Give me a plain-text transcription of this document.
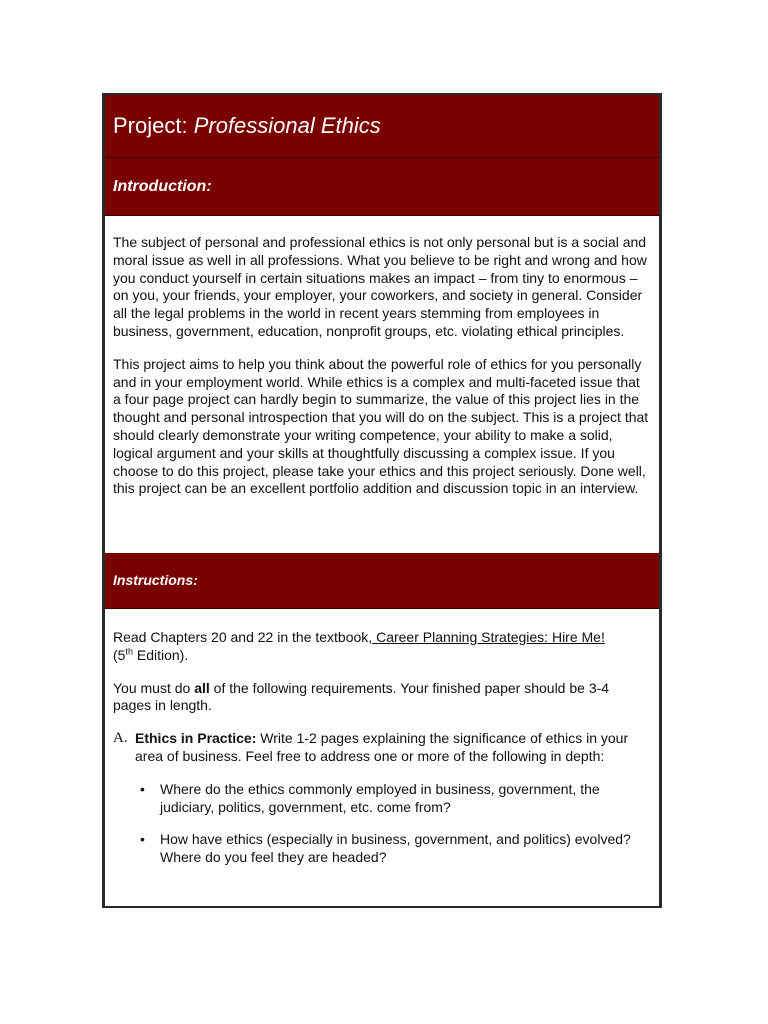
Project: Professional Ethics
Introduction:

The subject of personal and professional ethics is not only personal but is a social and moral issue as well in all professions. What you believe to be right and wrong and how you conduct yourself in certain situations makes an impact – from tiny to enormous – on you, your friends, your employer, your coworkers, and society in general. Consider all the legal problems in the world in recent years stemming from employees in business, government, education, nonprofit groups, etc. violating ethical principles.

This project aims to help you think about the powerful role of ethics for you personally and in your employment world. While ethics is a complex and multi-faceted issue that a four page project can hardly begin to summarize, the value of this project lies in the thought and personal introspection that you will do on the subject. This is a project that should clearly demonstrate your writing competence, your ability to make a solid, logical argument and your skills at thoughtfully discussing a complex issue. If you choose to do this project, please take your ethics and this project seriously. Done well, this project can be an excellent portfolio addition and discussion topic in an interview.

Instructions:

Read Chapters 20 and 22 in the textbook, Career Planning Strategies: Hire Me!
(5th Edition).

You must do all of the following requirements. Your finished paper should be 3-4 pages in length.

A. Ethics in Practice: Write 1-2 pages explaining the significance of ethics in your area of business. Feel free to address one or more of the following in depth:
•	Where do the ethics commonly employed in business, government, the judiciary, politics, government, etc. come from?
•	How have ethics (especially in business, government, and politics) evolved? Where do you feel they are headed?
